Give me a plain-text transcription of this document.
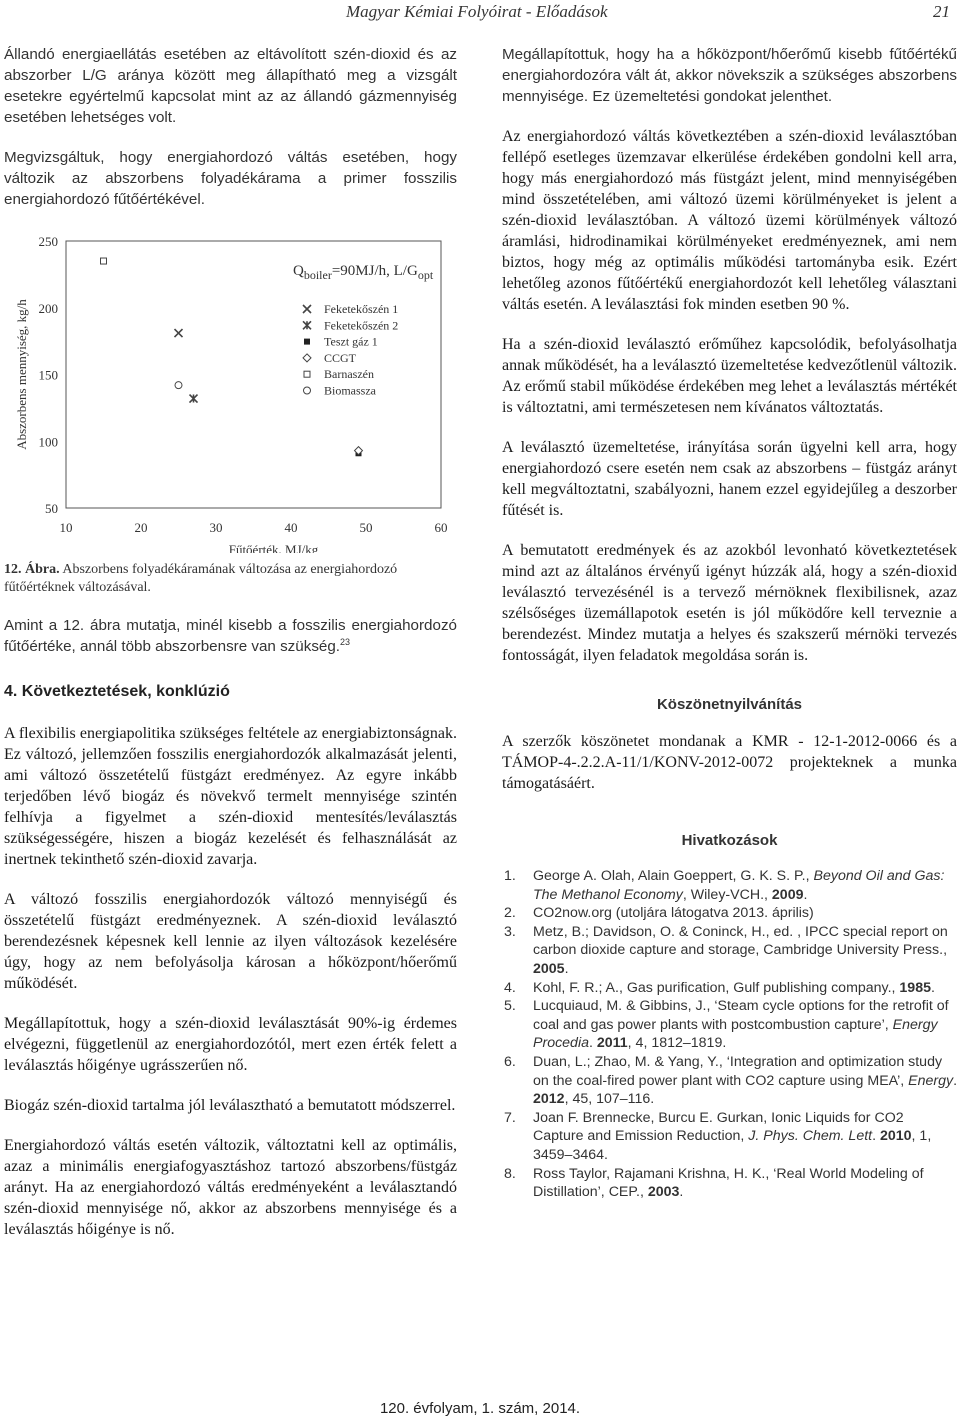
Magyar Kémiai Folyóirat - Előadások	21

Állandó energiaellátás esetében az eltávolított szén-dioxid és az abszorber L/G aránya között meg állapítható meg a vizsgált esetekre egyértelmű kapcsolat mint az az állandó gázmennyiség esetében lehetséges volt.

Megvizsgáltuk, hogy energiahordozó váltás esetében, hogy változik az abszorbens folyadékárama a primer fosszilis energiahordozó fűtőértékével.

50
100
150
200
250
10	20	30	40	50	60
Fűtőérték, MJ/kg
Abszorbens mennyiség, kg/h
$Q_{boiler}=90MJ/h$, $L/G_{opt}$
Feketekőszén 1
Feketekőszén 2
Teszt gáz 1
CCGT
Barnaszén
Biomassza

12. Ábra. Abszorbens folyadékáramának változása az energiahordozó fűtőértéknek változásával.

Amint a 12. ábra mutatja, minél kisebb a fosszilis energiahordozó fűtőértéke, annál több abszorbensre van szükség.$^{23}$

4. Következtetések, konklúzió

A flexibilis energiapolitika szükséges feltétele az energiabiztonságnak. Ez változó, jellemzően fosszilis energiahordozók alkalmazását jelenti, ami változó összetételű füstgázt eredményez. Az egyre inkább terjedőben lévő biogáz és növekvő termelt mennyisége szintén felhívja a figyelmet a szén-dioxid mentesítés/leválasztás szükségességére, hiszen a biogáz kezelését és felhasználását az inertnek tekinthető szén-dioxid zavarja.

A változó fosszilis energiahordozók változó mennyiségű és összetételű füstgázt eredményeznek. A szén-dioxid leválasztó berendezésnek képesnek kell lennie az ilyen változások kezelésére úgy, hogy az nem befolyásolja károsan a hőközpont/hőerőmű működését.

Megállapítottuk, hogy a szén-dioxid leválasztását 90%-ig érdemes elvégezni, függetlenül az energiahordozótól, mert ezen érték felett a leválasztás hőigénye ugrásszerűen nő.

Biogáz szén-dioxid tartalma jól leválasztható a bemutatott módszerrel.

Energiahordozó váltás esetén változik, változtatni kell az optimális, azaz a minimális energiafogyasztáshoz tartozó abszorbens/füstgáz arányt. Ha az energiahordozó váltás eredményeként a leválasztandó szén-dioxid mennyisége nő, akkor az abszorbens mennyisége és a leválasztás hőigénye is nő.

Megállapítottuk, hogy ha a hőközpont/hőerőmű kisebb fűtőértékű energiahordozóra vált át, akkor növekszik a szükséges abszorbens mennyisége. Ez üzemeltetési gondokat jelenthet.

Az energiahordozó váltás következtében a szén-dioxid leválasztóban fellépő esetleges üzemzavar elkerülése érdekében gondolni kell arra, hogy más energiahordozó más füstgázt jelent, mind mennyiségében mind összetételében, ami változó üzemi körülményeket is jelent a szén-dioxid leválasztóban. A változó üzemi körülmények változó áramlási, hidrodinamikai körülményeket eredményeznek, ami nem biztos, hogy még az optimális működési tartományba esik. Ezért lehetőleg azonos fűtőértékű energiahordozót kell lehetőleg választani váltás esetén. A leválasztási fok minden esetben 90 %.

Ha a szén-dioxid leválasztó erőműhez kapcsolódik, befolyásolhatja annak működését, ha a leválasztó üzemeltetése kedvezőtlenül változik. Az erőmű stabil működése érdekében meg lehet a leválasztás mértékét is változtatni, ami természetesen nem kívánatos változtatás.

A leválasztó üzemeltetése, irányítása során ügyelni kell arra, hogy energiahordozó csere esetén nem csak az abszorbens – füstgáz arányt kell megváltoztatni, szabályozni, hanem ezzel egyidejűleg a deszorber fűtését is.

A bemutatott eredmények és az azokból levonható következtetések mind azt az általános érvényű igényt húzzák alá, hogy a szén-dioxid leválasztó tervezésénél is a tervező mérnöknek flexibilisnek, azaz szélsőséges üzemállapotok esetén is jól működőre kell terveznie a berendezést. Mindez mutatja a helyes és szakszerű mérnöki tervezés fontosságát, ilyen feladatok megoldása során is.

Köszönetnyilvánítás

A szerzők köszönetet mondanak a KMR - 12-1-2012-0066 és a TÁMOP-4-.2.2.A-11/1/KONV-2012-0072 projekteknek a munka támogatásáért.

Hivatkozások

1. George A. Olah, Alain Goeppert, G. K. S. P., Beyond Oil and Gas: The Methanol Economy, Wiley-VCH., 2009.
2. CO2now.org (utoljára látogatva 2013. április)
3. Metz, B.; Davidson, O. & Coninck, H., ed. , IPCC special report on carbon dioxide capture and storage, Cambridge University Press., 2005.
4. Kohl, F. R.; A., Gas purification, Gulf publishing company., 1985.
5. Lucquiaud, M. & Gibbins, J., ‘Steam cycle options for the retrofit of coal and gas power plants with postcombustion capture’, Energy Procedia. 2011, 4, 1812–1819.
6. Duan, L.; Zhao, M. & Yang, Y., ‘Integration and optimization study on the coal-fired power plant with CO2 capture using MEA’, Energy. 2012, 45, 107–116.
7. Joan F. Brennecke, Burcu E. Gurkan, Ionic Liquids for CO2 Capture and Emission Reduction, J. Phys. Chem. Lett. 2010, 1, 3459–3464.
8. Ross Taylor, Rajamani Krishna, H. K., ‘Real World Modeling of Distillation’, CEP., 2003.
120. évfolyam, 1. szám, 2014.
